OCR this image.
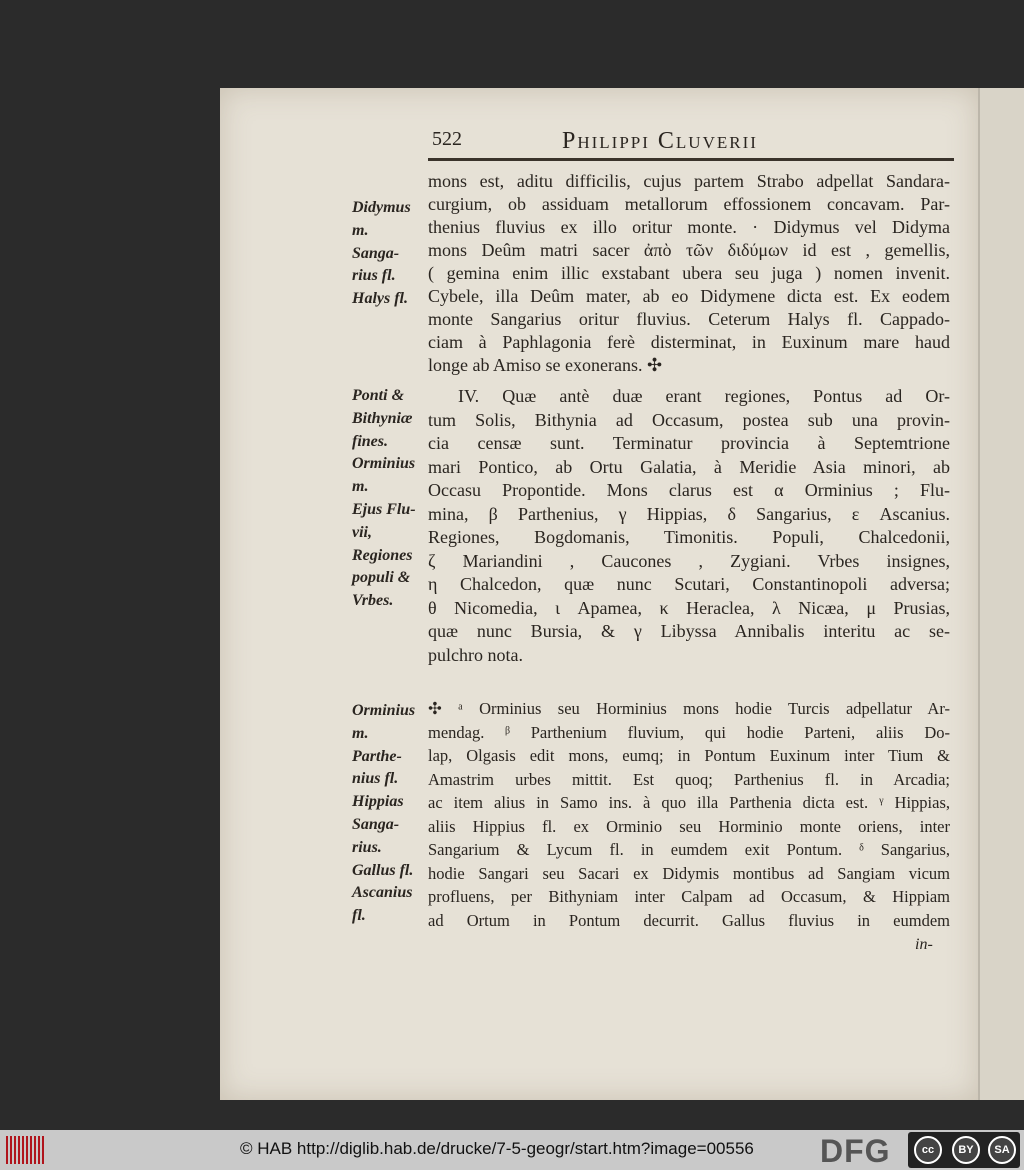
522	Philippi Cluverii
mons est, aditu difficilis, cujus partem Strabo adpellat Sandara-
curgium, ob assiduam metallorum effossionem concavam. Par-
thenius fluvius ex illo oritur monte. · Didymus vel Didyma
mons Deûm matri sacer ἀπὸ τῶν διδύμων id est , gemellis,
( gemina enim illic exstabant ubera seu juga ) nomen invenit.
Cybele, illa Deûm mater, ab eo Didymene dicta est. Ex eodem
monte Sangarius oritur fluvius. Ceterum Halys fl. Cappado-
ciam à Paphlagonia ferè disterminat, in Euxinum mare haud
longe ab Amiso se exonerans. ✣
Didymus
m.
Sanga-
rius fl.
Halys fl.
IV. Quæ antè duæ erant regiones, Pontus ad Or-
tum Solis, Bithynia ad Occasum, postea sub una provin-
cia censæ sunt. Terminatur provincia à Septemtrione
mari Pontico, ab Ortu Galatia, à Meridie Asia minori, ab
Occasu Propontide. Mons clarus est α Orminius ; Flu-
mina, β Parthenius, γ Hippias, δ Sangarius, ε Ascanius.
Regiones, Bogdomanis, Timonitis. Populi, Chalcedonii,
ζ Mariandini , Caucones , Zygiani. Vrbes insignes,
η Chalcedon, quæ nunc Scutari, Constantinopoli adversa;
θ Nicomedia, ι Apamea, κ Heraclea, λ Nicæa, μ Prusias,
quæ nunc Bursia, & γ Libyssa Annibalis interitu ac se-
pulchro nota.
Ponti &
Bithyniæ
fines.
Orminius
m.
Ejus Flu-
vii,
Regiones
populi &
Vrbes.
✣ ᵃ Orminius seu Horminius mons hodie Turcis adpellatur Ar-
mendag. ᵝ Parthenium fluvium, qui hodie Parteni, aliis Do-
lap, Olgasis edit mons, eumq; in Pontum Euxinum inter Tium &
Amastrim urbes mittit. Est quoq; Parthenius fl. in Arcadia;
ac item alius in Samo ins. à quo illa Parthenia dicta est. ᵞ Hippias,
aliis Hippius fl. ex Orminio seu Horminio monte oriens, inter
Sangarium & Lycum fl. in eumdem exit Pontum. ᵟ Sangarius,
hodie Sangari seu Sacari ex Didymis montibus ad Sangiam vicum
profluens, per Bithyniam inter Calpam ad Occasum, & Hippiam
ad Ortum in Pontum decurrit. Gallus fluvius in eumdem
Orminius
m.
Parthe-
nius fl.
Hippias
Sanga-
rius.
Gallus fl.
Ascanius
fl.
in-
© HAB http://diglib.hab.de/drucke/7-5-geogr/start.htm?image=00556 DFG	cc	BY	SA
